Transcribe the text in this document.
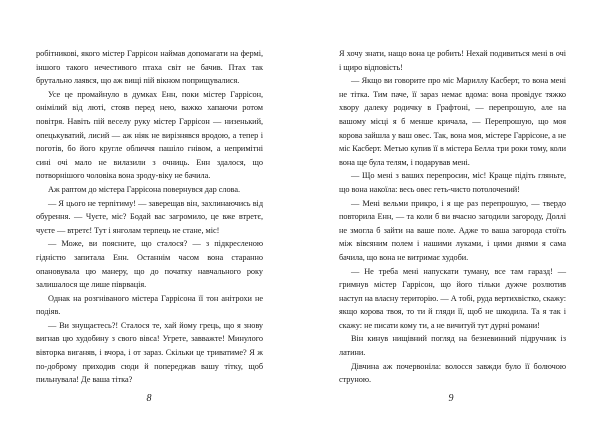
робітникові, якого містер Гаррісон наймав допомагати на фермі, іншого такого нечестивого птаха світ не бачив. Птах так брутально лаявся, що аж вищі пій вікном поприщувалися.

Усе це промайнуло в думках Енн, поки містер Гаррісон, онімілий від люті, стояв перед нею, важко хапаючи ротом повітря. Навіть пій веселу руку містер Гаррісон — низенький, опецькуватий, лисий — аж ніяк не вирізнявся вродою, а тепер і поготів, бо його кругле обличчя пашіло гнівом, а непримітні сині очі мало не вилазили з очниць. Енн здалося, що потворнішого чоловіка вона зроду-віку не бачила.

Аж раптом до містера Гаррісона повернувся дар слова.

— Я цього не терпітиму! — заверещав він, захлинаючись від обурення. — Чуєте, міс? Бодай вас загромило, це вже втретє, чуєте — втретє! Тут і янголам терпець не стане, міс!

— Може, ви поясните, що сталося? — з підкресленою гідністю запитала Енн. Останнім часом вона старанно опановувала цю манеру, що до початку навчального року залишалося ще лише піврвація.

Однак на розгніваного містера Гаррісона її тон анітрохи не подіяв.

— Ви знущаєтесь?! Сталося те, хай йому грець, що я знову вигнав цю худобину з свого вівса! Угрете, завважте! Минулого вівторка виганяв, і вчора, і от зараз. Скільки це триватиме? Я ж по-доброму приходив сюди й попереджав вашу тітку, щоб пильнувала! Де ваша тітка?

8

Я хочу знати, нащо вона це робить! Нехай подивиться мені в очі і щиро відповість!

— Якщо ви говорите про міс Мариллу Касберт, то вона мені не тітка. Тим паче, її зараз немає вдома: вона провідує тяжко хвору далеку родичку в Графтоні, — перепрошую, але на вашому місці я б менше кричала, — Перепрошую, що моя корова зайшла у ваш овес. Так, вона моя, містере Гаррісоне, а не міс Касберт. Метью купив її в містера Белла три роки тому, коли вона ще була телям, і подарував мені.

— Що мені з ваших перепросин, міс! Краще підіть гляньте, що вона накоїла: весь овес геть-чисто потолочений!

— Мені вельми прикро, і я ще раз перепрошую, — твердо повторила Енн, — та коли б ви вчасно загодили загороду, Доллі не змогла б зайти на ваше поле. Адже то ваша загорода стоїть між вівсяним полем і нашими луками, і цими днями я сама бачила, що вона не витримає худоби.

— Не треба мені напускати туману, все там гаразд! — гримнув містер Гаррісон, що його тільки дужче розлютив наступ на власну територію. — А тобі, руда вертихвістко, скажу: якщо корова твоя, то ти й гляди її, щоб не шкодила. Та я так і скажу: не писати кому ти, а не вичитуй тут дурні романи!

Він кинув нищівний погляд на безневинний підручник із латини.

Дівчина аж почервоніла: волосся завжди було її болючою струною.

9
